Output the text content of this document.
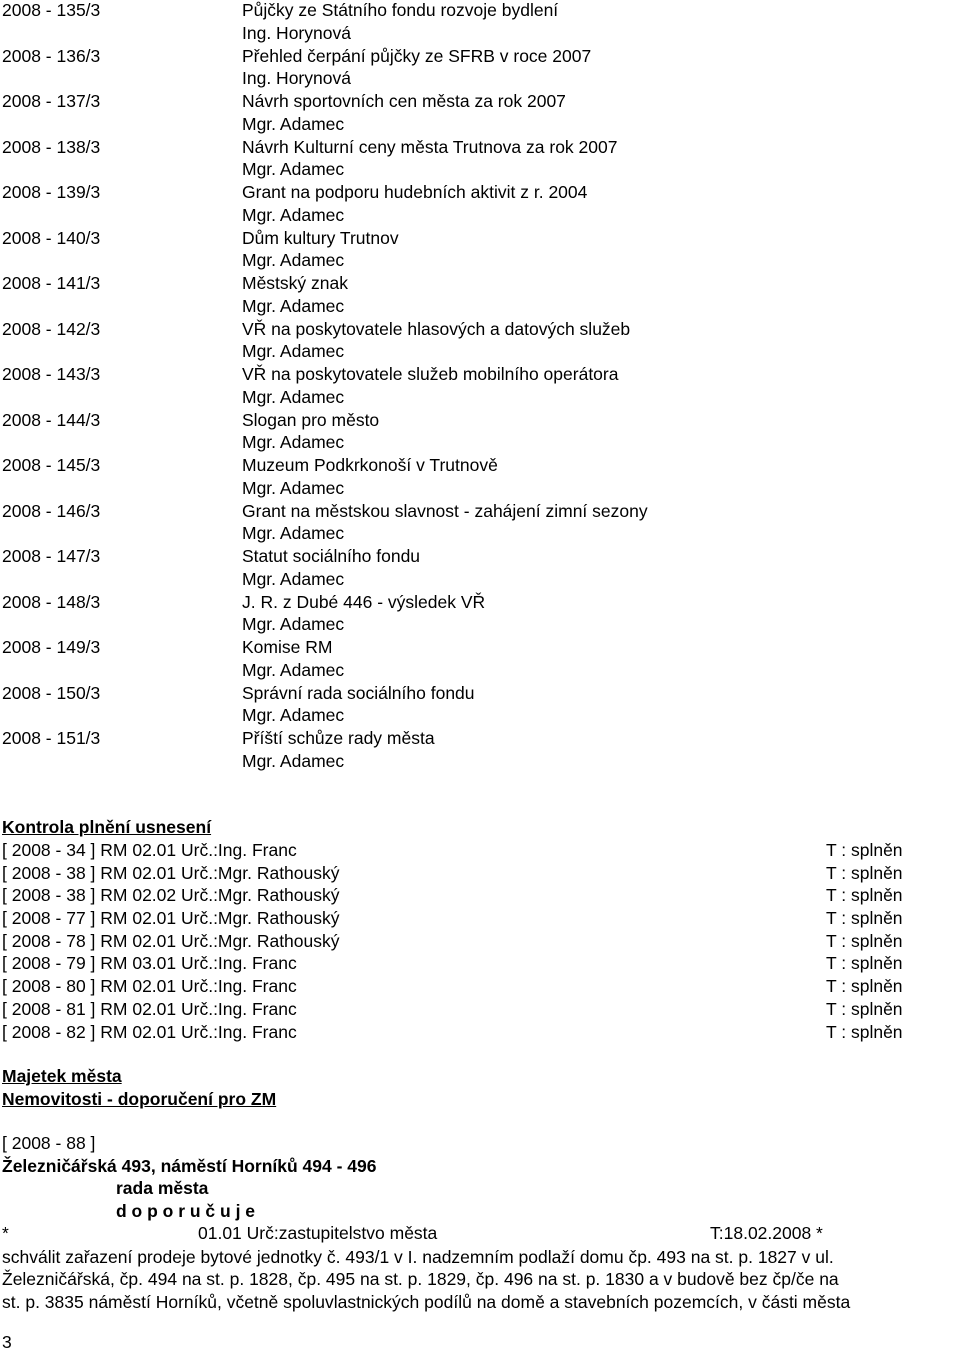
2008 - 135/3	Půjčky ze Státního fondu rozvoje bydlení
Ing. Horynová
2008 - 136/3	Přehled čerpání půjčky ze SFRB v roce 2007
Ing. Horynová
2008 - 137/3	Návrh sportovních cen města za rok 2007
Mgr. Adamec
2008 - 138/3	Návrh Kulturní ceny města Trutnova za rok 2007
Mgr. Adamec
2008 - 139/3	Grant na podporu hudebních aktivit z r. 2004
Mgr. Adamec
2008 - 140/3	Dům kultury Trutnov
Mgr. Adamec
2008 - 141/3	Městský znak
Mgr. Adamec
2008 - 142/3	VŘ na poskytovatele hlasových a datových služeb
Mgr. Adamec
2008 - 143/3	VŘ na poskytovatele služeb mobilního operátora
Mgr. Adamec
2008 - 144/3	Slogan pro město
Mgr. Adamec
2008 - 145/3	Muzeum Podkrkonoší v Trutnově
Mgr. Adamec
2008 - 146/3	Grant na městskou slavnost - zahájení zimní sezony
Mgr. Adamec
2008 - 147/3	Statut sociálního fondu
Mgr. Adamec
2008 - 148/3	J. R. z Dubé 446 - výsledek VŘ
Mgr. Adamec
2008 - 149/3	Komise RM
Mgr. Adamec
2008 - 150/3	Správní rada sociálního fondu
Mgr. Adamec
2008 - 151/3	Příští schůze rady města
Mgr. Adamec
Kontrola plnění usnesení
[ 2008 - 34 ] RM 02.01 Urč.:Ing. Franc	T : splněn
[ 2008 - 38 ] RM 02.01 Urč.:Mgr. Rathouský	T : splněn
[ 2008 - 38 ] RM 02.02 Urč.:Mgr. Rathouský	T : splněn
[ 2008 - 77 ] RM 02.01 Urč.:Mgr. Rathouský	T : splněn
[ 2008 - 78 ] RM 02.01 Urč.:Mgr. Rathouský	T : splněn
[ 2008 - 79 ] RM 03.01 Urč.:Ing. Franc	T : splněn
[ 2008 - 80 ] RM 02.01 Urč.:Ing. Franc	T : splněn
[ 2008 - 81 ] RM 02.01 Urč.:Ing. Franc	T : splněn
[ 2008 - 82 ] RM 02.01 Urč.:Ing. Franc	T : splněn
Majetek města
Nemovitosti - doporučení pro ZM
[ 2008 - 88 ]
Železničářská 493, náměstí Horníků 494 - 496
rada města
d o p o r u č u j e
*	01.01 Urč:zastupitelstvo města	T:18.02.2008 *

schválit zařazení prodeje bytové jednotky č. 493/1 v I. nadzemním podlaží domu čp. 493 na st. p. 1827 v ul.

Železničářská, čp. 494 na st. p. 1828, čp. 495 na st. p. 1829, čp. 496 na st. p. 1830 a v budově bez čp/če na

st. p. 3835 náměstí Horníků, včetně spoluvlastnických podílů na domě a stavebních pozemcích, v části města

3
